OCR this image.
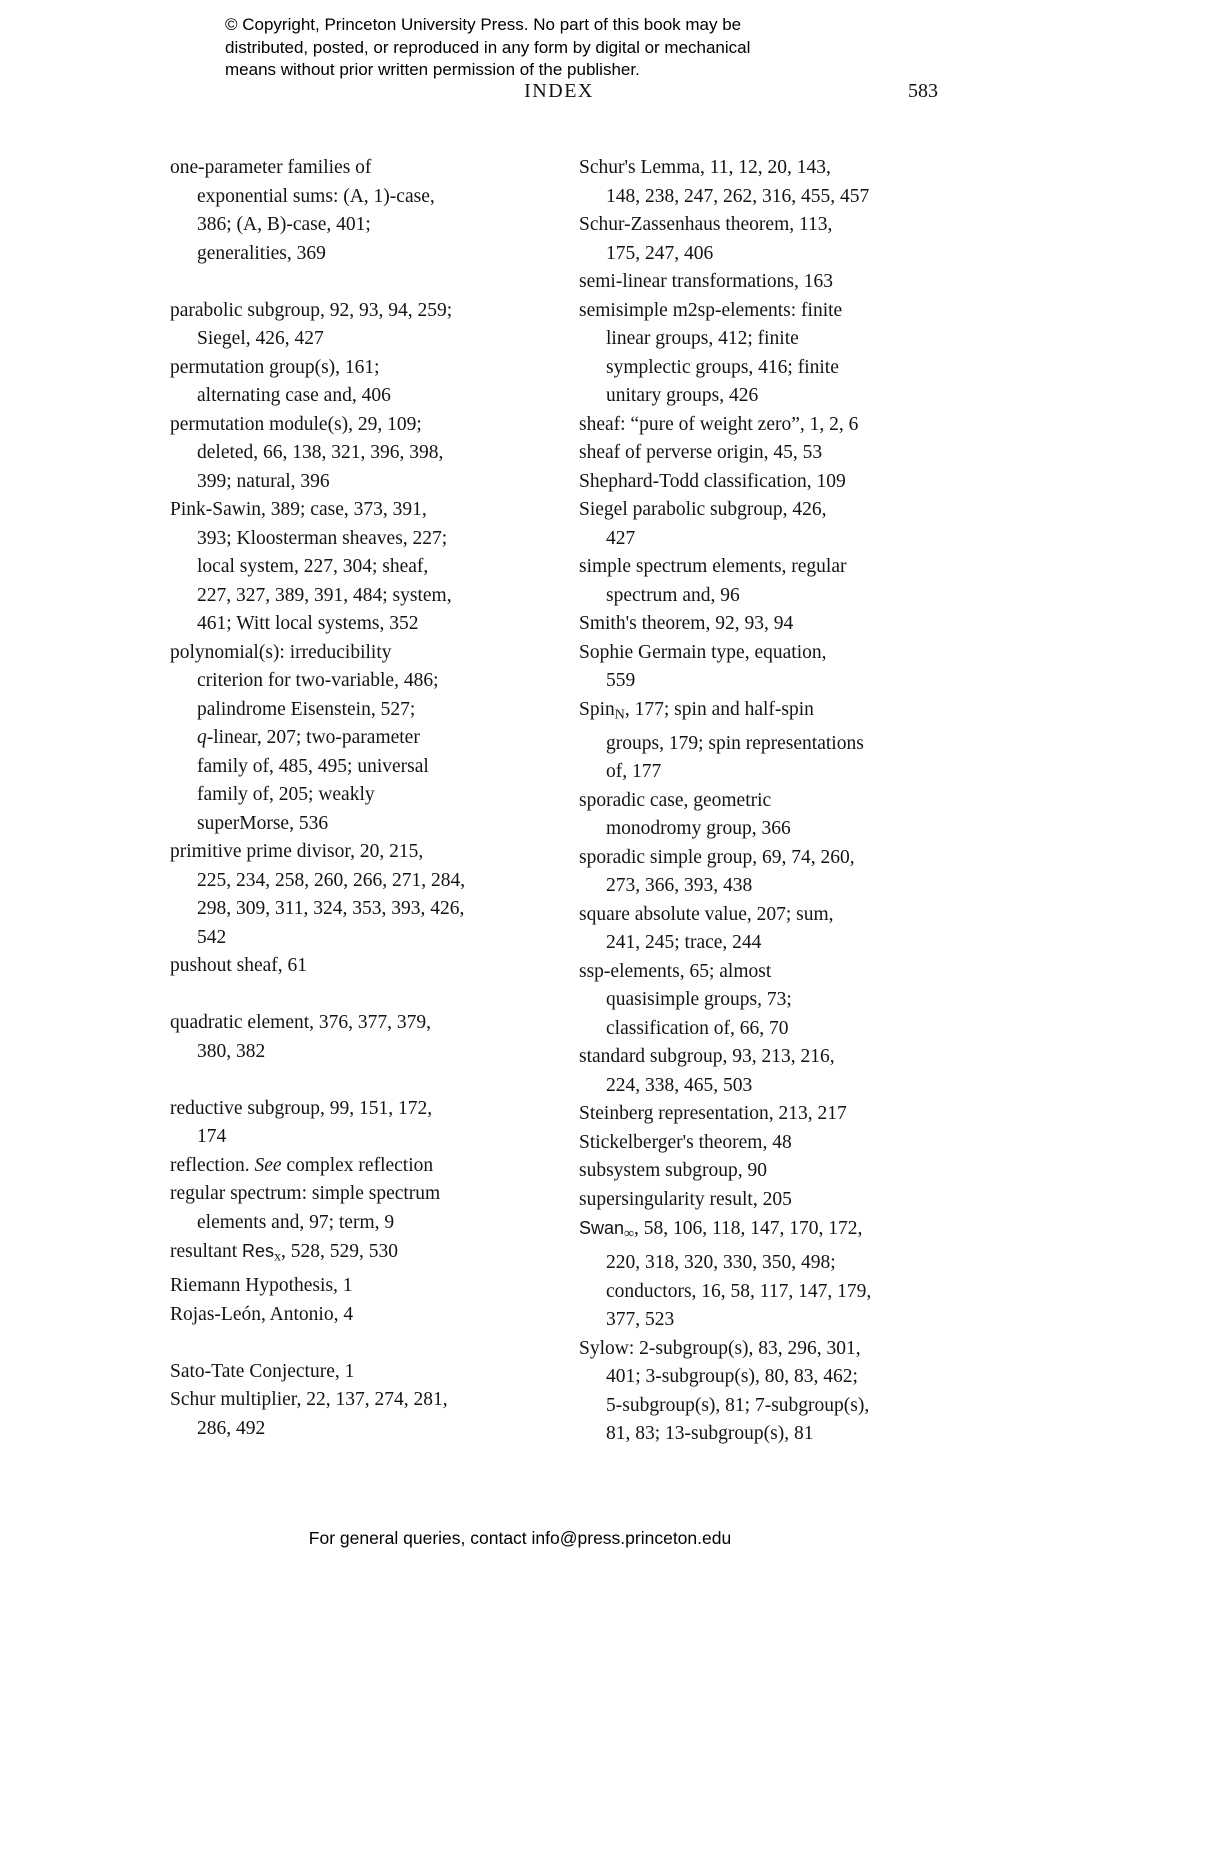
© Copyright, Princeton University Press. No part of this book may be
distributed, posted, or reproduced in any form by digital or mechanical
means without prior written permission of the publisher.
INDEX	583
one-parameter families of
exponential sums: (A, 1)-case,
386; (A, B)-case, 401;
generalities, 369
parabolic subgroup, 92, 93, 94, 259;
Siegel, 426, 427
permutation group(s), 161;
alternating case and, 406
permutation module(s), 29, 109;
deleted, 66, 138, 321, 396, 398,
399; natural, 396
Pink-Sawin, 389; case, 373, 391,
393; Kloosterman sheaves, 227;
local system, 227, 304; sheaf,
227, 327, 389, 391, 484; system,
461; Witt local systems, 352
polynomial(s): irreducibility
criterion for two-variable, 486;
palindrome Eisenstein, 527;
q-linear, 207; two-parameter
family of, 485, 495; universal
family of, 205; weakly
superMorse, 536
primitive prime divisor, 20, 215,
225, 234, 258, 260, 266, 271, 284,
298, 309, 311, 324, 353, 393, 426,
542
pushout sheaf, 61
quadratic element, 376, 377, 379,
380, 382
reductive subgroup, 99, 151, 172,
174
reflection. See complex reflection
regular spectrum: simple spectrum
elements and, 97; term, 9
resultant Res$_x$, 528, 529, 530
Riemann Hypothesis, 1
Rojas-León, Antonio, 4
Sato-Tate Conjecture, 1
Schur multiplier, 22, 137, 274, 281,
286, 492
Schur's Lemma, 11, 12, 20, 143,
148, 238, 247, 262, 316, 455, 457
Schur-Zassenhaus theorem, 113,
175, 247, 406
semi-linear transformations, 163
semisimple m2sp-elements: finite
linear groups, 412; finite
symplectic groups, 416; finite
unitary groups, 426
sheaf: “pure of weight zero”, 1, 2, 6
sheaf of perverse origin, 45, 53
Shephard-Todd classification, 109
Siegel parabolic subgroup, 426,
427
simple spectrum elements, regular
spectrum and, 96
Smith's theorem, 92, 93, 94
Sophie Germain type, equation,
559
Spin$_N$, 177; spin and half-spin
groups, 179; spin representations
of, 177
sporadic case, geometric
monodromy group, 366
sporadic simple group, 69, 74, 260,
273, 366, 393, 438
square absolute value, 207; sum,
241, 245; trace, 244
ssp-elements, 65; almost
quasisimple groups, 73;
classification of, 66, 70
standard subgroup, 93, 213, 216,
224, 338, 465, 503
Steinberg representation, 213, 217
Stickelberger's theorem, 48
subsystem subgroup, 90
supersingularity result, 205
Swan$_\infty$, 58, 106, 118, 147, 170, 172,
220, 318, 320, 330, 350, 498;
conductors, 16, 58, 117, 147, 179,
377, 523
Sylow: 2-subgroup(s), 83, 296, 301,
401; 3-subgroup(s), 80, 83, 462;
5-subgroup(s), 81; 7-subgroup(s),
81, 83; 13-subgroup(s), 81
For general queries, contact info@press.princeton.edu
